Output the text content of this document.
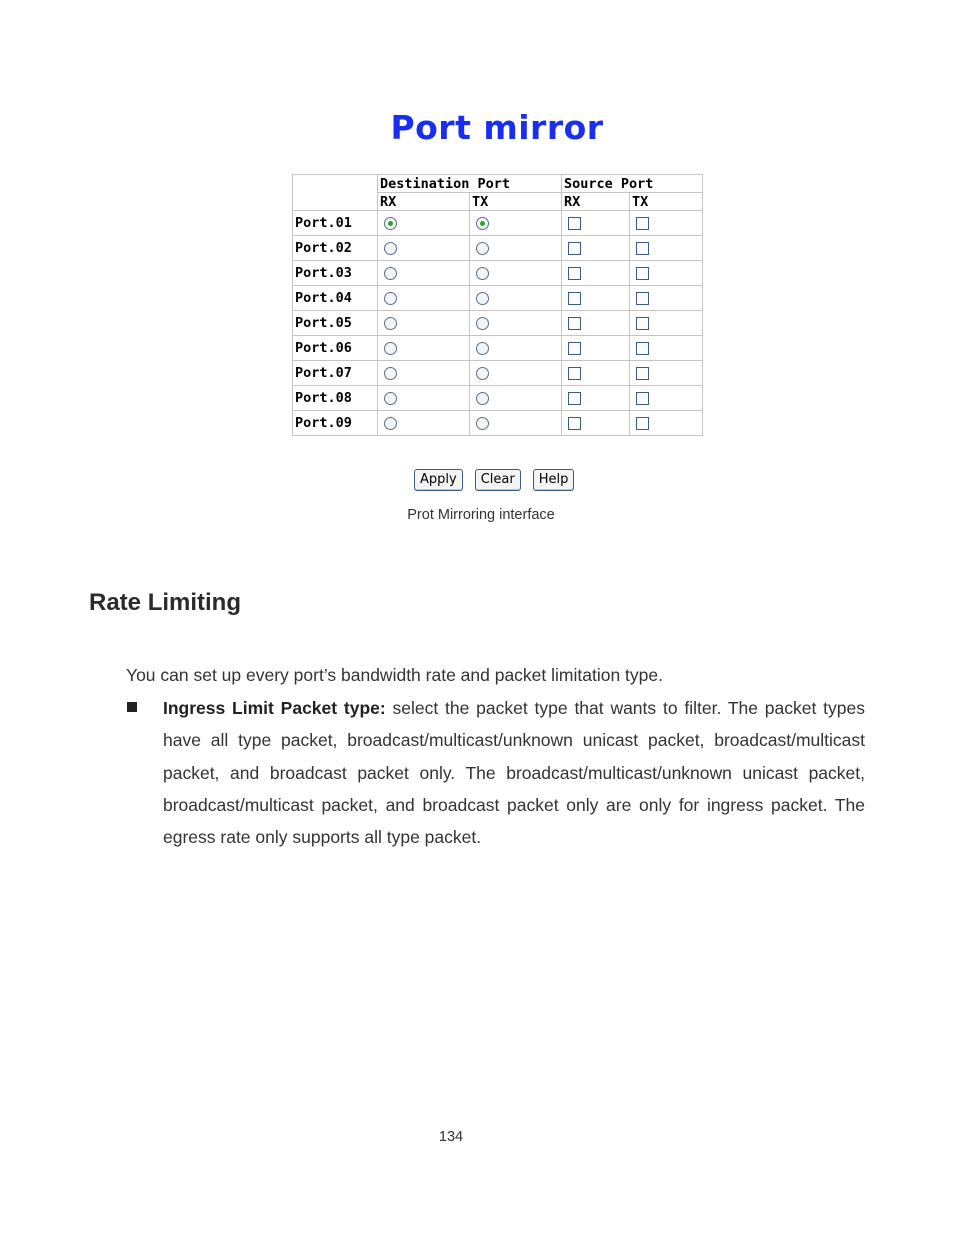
Port mirror
	Destination Port		Source Port	
	RX	TX	RX	TX
Port.01				
Port.02				
Port.03				
Port.04				
Port.05				
Port.06				
Port.07				
Port.08				
Port.09				
Apply	Clear	Help
Prot Mirroring interface
Rate Limiting

You can set up every port’s bandwidth rate and packet limitation type.

Ingress Limit Packet type: select the packet type that wants to filter. The packet types have all type packet, broadcast/multicast/unknown unicast packet, broadcast/multicast packet, and broadcast packet only. The broadcast/multicast/unknown unicast packet, broadcast/multicast packet, and broadcast packet only are only for ingress packet. The egress rate only supports all type packet.

134
